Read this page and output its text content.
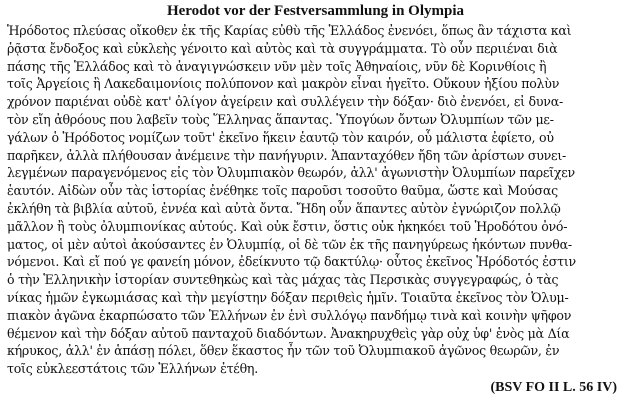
Herodot vor der Festversammlung in Olympia
Ἡρόδοτος πλεύσας οἴκοθεν ἐκ τῆς Καρίας εὐθὺ τῆς Ἑλλάδος ἐνενόει, ὅπως ἂν τάχιστα καὶ
ῥᾷστα ἔνδοξος καὶ εὐκλεὴς γένοιτο καὶ αὐτὸς καὶ τὰ συγγράμματα. Τὸ οὖν περιιέναι διὰ
πάσης τῆς Ἑλλάδος καὶ τὸ ἀναγιγνώσκειν νῦν μὲν τοῖς Ἀθηναίοις, νῦν δὲ Κορινθίοις ἢ
τοῖς Ἀργείοις ἢ Λακεδαιμονίοις πολύπονον καὶ μακρὸν εἶναι ἡγεῖτο. Οὔκουν ἠξίου πολὺν
χρόνον παριέναι οὐδὲ κατ' ὀλίγον ἀγείρειν καὶ συλλέγειν τὴν δόξαν· διὸ ἐνενόει, εἰ δυνα-
τὸν εἴη ἀθρόους που λαβεῖν τοὺς Ἕλληνας ἅπαντας. Ὑπογύων ὄντων Ὀλυμπίων τῶν με-
γάλων ὁ Ἡρόδοτος νομίζων τοῦτ' ἐκεῖνο ἥκειν ἑαυτῷ τὸν καιρόν, οὗ μάλιστα ἐφίετο, οὐ
παρῆκεν, ἀλλὰ πλήθουσαν ἀνέμεινε τὴν πανήγυριν. Ἁπανταχόθεν ἤδη τῶν ἀρίστων συνει-
λεγμένων παραγενόμενος εἰς τὸν Ὀλυμπιακὸν θεωρόν, ἀλλ' ἀγωνιστὴν Ὀλυμπίων παρεῖχεν
ἑαυτόν. Αἰδὼν οὖν τὰς ἱστορίας ἐνέθηκε τοῖς παροῦσι τοσοῦτο θαῦμα, ὥστε καὶ Μούσας
ἐκλήθη τὰ βιβλία αὐτοῦ, ἐννέα καὶ αὐτὰ ὄντα. Ἤδη οὖν ἅπαντες αὐτὸν ἐγνώριζον πολλῷ
μᾶλλον ἢ τοὺς ὀλυμπιονίκας αὐτούς. Καὶ οὐκ ἔστιν, ὅστις οὐκ ἠκηκόει τοῦ Ἡροδότου ὀνό-
ματος, οἱ μὲν αὐτοὶ ἀκούσαντες ἐν Ὀλυμπίᾳ, οἱ δὲ τῶν ἐκ τῆς πανηγύρεως ἡκόντων πυνθα-
νόμενοι. Καὶ εἴ πού γε φανείη μόνον, ἐδείκνυτο τῷ δακτύλῳ· οὗτος ἐκεῖνος Ἡρόδοτός ἐστιν
ὁ τὴν Ἑλληνικὴν ἱστορίαν συντεθηκὼς καὶ τὰς μάχας τὰς Περσικὰς συγγεγραφώς, ὁ τὰς
νίκας ἡμῶν ἐγκωμιάσας καὶ τὴν μεγίστην δόξαν περιθεὶς ἡμῖν. Τοιαῦτα ἐκεῖνος τὸν Ὀλυμ-
πιακὸν ἀγῶνα ἐκαρπώσατο τῶν Ἑλλήνων ἐν ἑνὶ συλλόγῳ πανδήμῳ τινὰ καὶ κοινὴν ψῆφον
θέμενον καὶ τὴν δόξαν αὐτοῦ πανταχοῦ διαδόντων. Ἀνακηρυχθεὶς γὰρ οὐχ ὑφ' ἑνὸς μὰ Δία
κήρυκος, ἀλλ' ἐν ἁπάσῃ πόλει, ὅθεν ἕκαστος ἦν τῶν τοῦ Ὀλυμπιακοῦ ἀγῶνος θεωρῶν, ἐν
τοῖς εὐκλεεστάτοις τῶν Ἑλλήνων ἐτέθη.
(BSV FO II L. 56 IV)
